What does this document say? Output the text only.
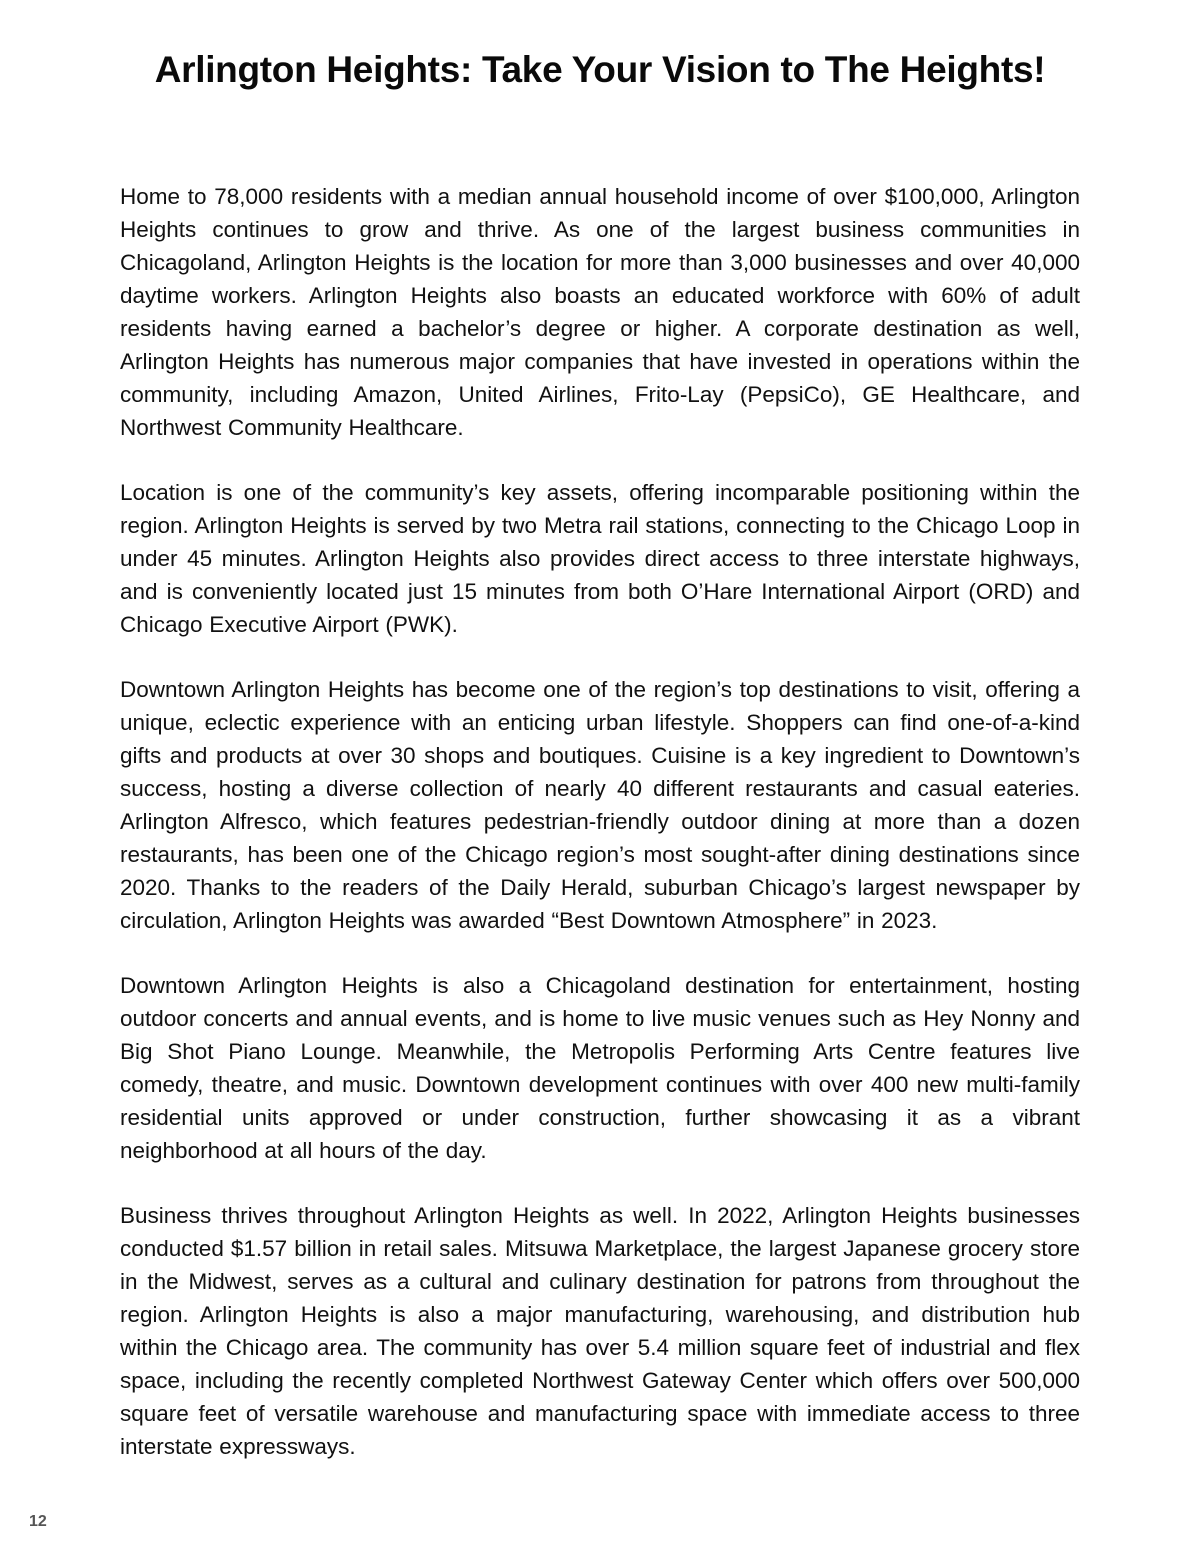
Arlington Heights: Take Your Vision to The Heights!

Home to 78,000 residents with a median annual household income of over $100,000, Arlington Heights continues to grow and thrive. As one of the largest business communities in Chicagoland, Arlington Heights is the location for more than 3,000 businesses and over 40,000 daytime workers. Arlington Heights also boasts an educated workforce with 60% of adult residents having earned a bachelor’s degree or higher. A corporate destination as well, Arlington Heights has numerous major companies that have invested in operations within the community, including Amazon, United Airlines, Frito-Lay (PepsiCo), GE Healthcare, and Northwest Community Healthcare.

Location is one of the community’s key assets, offering incomparable positioning within the region. Arlington Heights is served by two Metra rail stations, connecting to the Chicago Loop in under 45 minutes. Arlington Heights also provides direct access to three interstate highways, and is conveniently located just 15 minutes from both O’Hare International Airport (ORD) and Chicago Executive Airport (PWK).

Downtown Arlington Heights has become one of the region’s top destinations to visit, offering a unique, eclectic experience with an enticing urban lifestyle. Shoppers can find one-of-a-kind gifts and products at over 30 shops and boutiques. Cuisine is a key ingredient to Downtown’s success, hosting a diverse collection of nearly 40 different restaurants and casual eateries. Arlington Alfresco, which features pedestrian-friendly outdoor dining at more than a dozen restaurants, has been one of the Chicago region’s most sought-after dining destinations since 2020. Thanks to the readers of the Daily Herald, suburban Chicago’s largest newspaper by circulation, Arlington Heights was awarded “Best Downtown Atmosphere” in 2023.

Downtown Arlington Heights is also a Chicagoland destination for entertainment, hosting outdoor concerts and annual events, and is home to live music venues such as Hey Nonny and Big Shot Piano Lounge. Meanwhile, the Metropolis Performing Arts Centre features live comedy, theatre, and music. Downtown development continues with over 400 new multi-family residential units approved or under construction, further showcasing it as a vibrant neighborhood at all hours of the day.

Business thrives throughout Arlington Heights as well. In 2022, Arlington Heights businesses conducted $1.57 billion in retail sales. Mitsuwa Marketplace, the largest Japanese grocery store in the Midwest, serves as a cultural and culinary destination for patrons from throughout the region. Arlington Heights is also a major manufacturing, warehousing, and distribution hub within the Chicago area. The community has over 5.4 million square feet of industrial and flex space, including the recently completed Northwest Gateway Center which offers over 500,000 square feet of versatile warehouse and manufacturing space with immediate access to three interstate expressways.

12
